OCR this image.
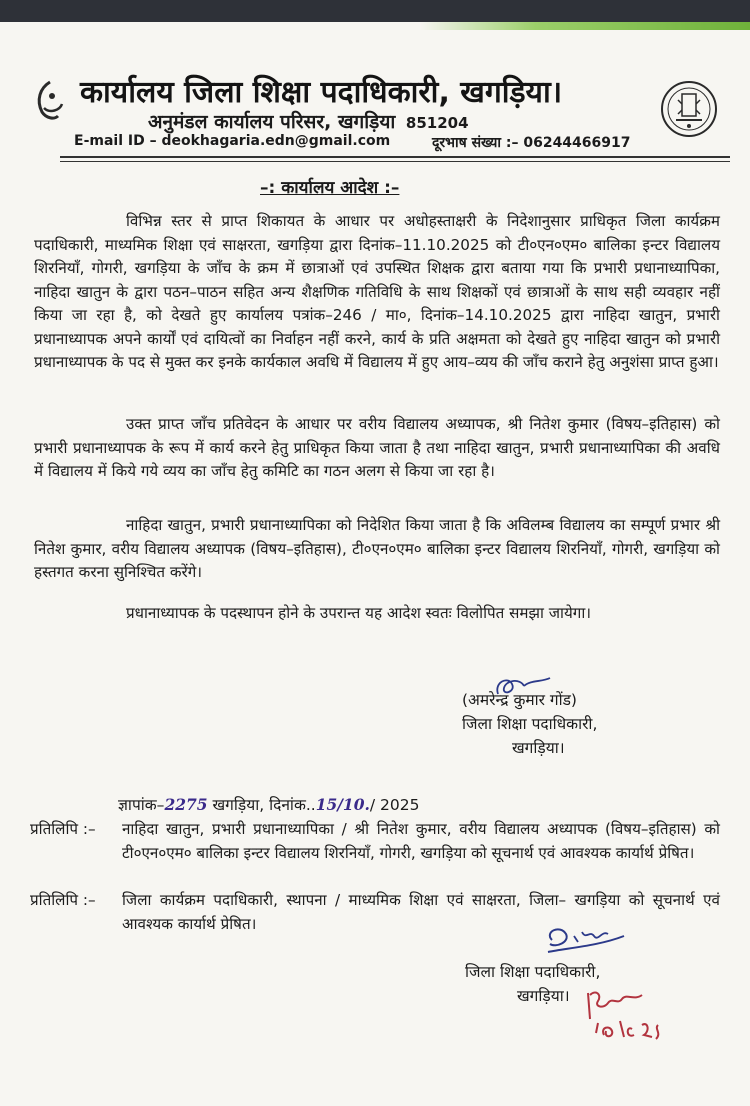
कार्यालय जिला शिक्षा पदाधिकारी, खगड़िया।
अनुमंडल कार्यालय परिसर, खगड़िया 851204
E-mail ID – deokhagaria.edn@gmail.com	दूरभाष संख्या :– 06244466917
–: कार्यालय आदेश :–

विभिन्न स्तर से प्राप्त शिकायत के आधार पर अधोहस्ताक्षरी के निदेशानुसार प्राधिकृत जिला कार्यक्रम पदाधिकारी, माध्यमिक शिक्षा एवं साक्षरता, खगड़िया द्वारा दिनांक–11.10.2025 को टी०एन०एम० बालिका इन्टर विद्यालय शिरनियाँ, गोगरी, खगड़िया के जाँच के क्रम में छात्राओं एवं उपस्थित शिक्षक द्वारा बताया गया कि प्रभारी प्रधानाध्यापिका, नाहिदा खातुन के द्वारा पठन–पाठन सहित अन्य शैक्षणिक गतिविधि के साथ शिक्षकों एवं छात्राओं के साथ सही व्यवहार नहीं किया जा रहा है, को देखते हुए कार्यालय पत्रांक–246 / मा०, दिनांक–14.10.2025 द्वारा नाहिदा खातुन, प्रभारी प्रधानाध्यापक अपने कार्यों एवं दायित्वों का निर्वाहन नहीं करने, कार्य के प्रति अक्षमता को देखते हुए नाहिदा खातुन को प्रभारी प्रधानाध्यापक के पद से मुक्त कर इनके कार्यकाल अवधि में विद्यालय में हुए आय–व्यय की जाँच कराने हेतु अनुशंसा प्राप्त हुआ।

उक्त प्राप्त जाँच प्रतिवेदन के आधार पर वरीय विद्यालय अध्यापक, श्री नितेश कुमार (विषय–इतिहास) को प्रभारी प्रधानाध्यापक के रूप में कार्य करने हेतु प्राधिकृत किया जाता है तथा नाहिदा खातुन, प्रभारी प्रधानाध्यापिका की अवधि में विद्यालय में किये गये व्यय का जाँच हेतु कमिटि का गठन अलग से किया जा रहा है।

नाहिदा खातुन, प्रभारी प्रधानाध्यापिका को निदेशित किया जाता है कि अविलम्ब विद्यालय का सम्पूर्ण प्रभार श्री नितेश कुमार, वरीय विद्यालय अध्यापक (विषय–इतिहास), टी०एन०एम० बालिका इन्टर विद्यालय शिरनियाँ, गोगरी, खगड़िया को हस्तगत करना सुनिश्चित करेंगे।

प्रधानाध्यापक के पदस्थापन होने के उपरान्त यह आदेश स्वतः विलोपित समझा जायेगा।

(अमरेन्द्र कुमार गोंड)
जिला शिक्षा पदाधिकारी,
खगड़िया।
ज्ञापांक–2275 खगड़िया, दिनांक..15/10./ 2025
प्रतिलिपि :–	नाहिदा खातुन, प्रभारी प्रधानाध्यापिका / श्री नितेश कुमार, वरीय विद्यालय अध्यापक (विषय–इतिहास) को टी०एन०एम० बालिका इन्टर विद्यालय शिरनियाँ, गोगरी, खगड़िया को सूचनार्थ एवं आवश्यक कार्यार्थ प्रेषित।
प्रतिलिपि :–	जिला कार्यक्रम पदाधिकारी, स्थापना / माध्यमिक शिक्षा एवं साक्षरता, जिला– खगड़िया को सूचनार्थ एवं आवश्यक कार्यार्थ प्रेषित।
जिला शिक्षा पदाधिकारी,
खगड़िया।
